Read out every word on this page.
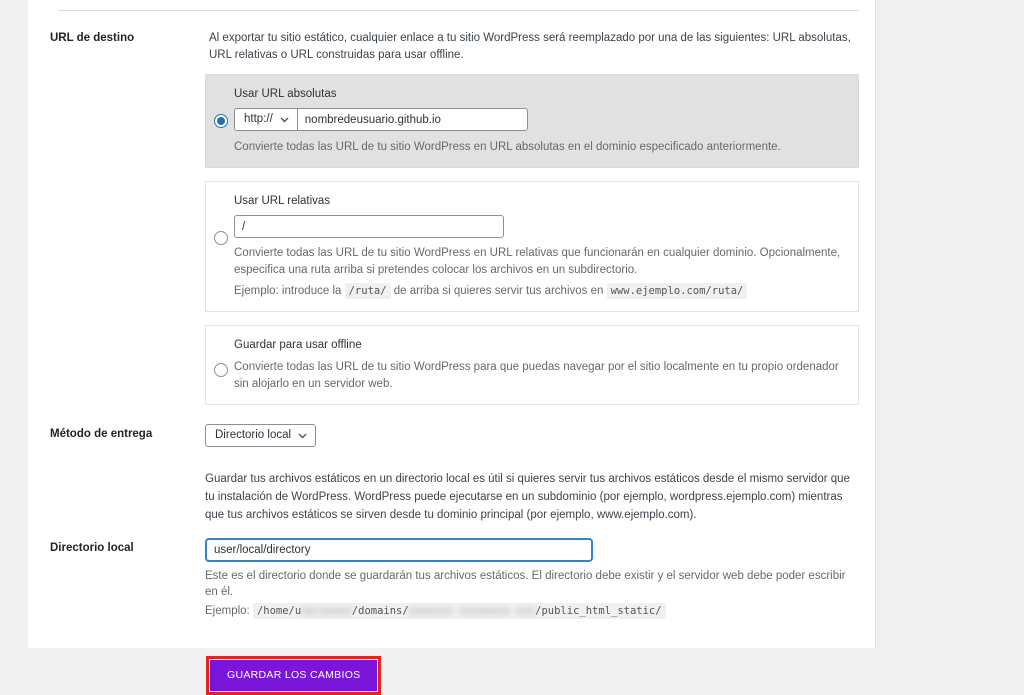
URL de destino	Al exportar tu sitio estático, cualquier enlace a tu sitio WordPress será reemplazado por una de las siguientes: URL absolutas, URL relativas o URL construidas para usar offline.

Usar URL absolutas
http://
nombredeusuario.github.io

Convierte todas las URL de tu sitio WordPress en URL absolutas en el dominio especificado anteriormente.

Usar URL relativas
/

Convierte todas las URL de tu sitio WordPress en URL relativas que funcionarán en cualquier dominio. Opcionalmente, especifica una ruta arriba si pretendes colocar los archivos en un subdirectorio.

Ejemplo: introduce la /ruta/ de arriba si quieres servir tus archivos en www.ejemplo.com/ruta/

Guardar para usar offline

Convierte todas las URL de tu sitio WordPress para que puedas navegar por el sitio localmente en tu propio ordenador sin alojarlo en un servidor web.

Método de entrega	Directorio local

Guardar tus archivos estáticos en un directorio local es útil si quieres servir tus archivos estáticos desde el mismo servidor que tu instalación de WordPress. WordPress puede ejecutarse en un subdominio (por ejemplo, wordpress.ejemplo.com) mientras que tus archivos estáticos se sirven desde tu dominio principal (por ejemplo, www.ejemplo.com).

Directorio local
user/local/directory

Este es el directorio donde se guardarán tus archivos estáticos. El directorio debe existir y el servidor web debe poder escribir en él.

Ejemplo: /home/userxxxxx/domains/xxxxxxx xxxxxxxx xxx/public_html_static/

GUARDAR LOS CAMBIOS
